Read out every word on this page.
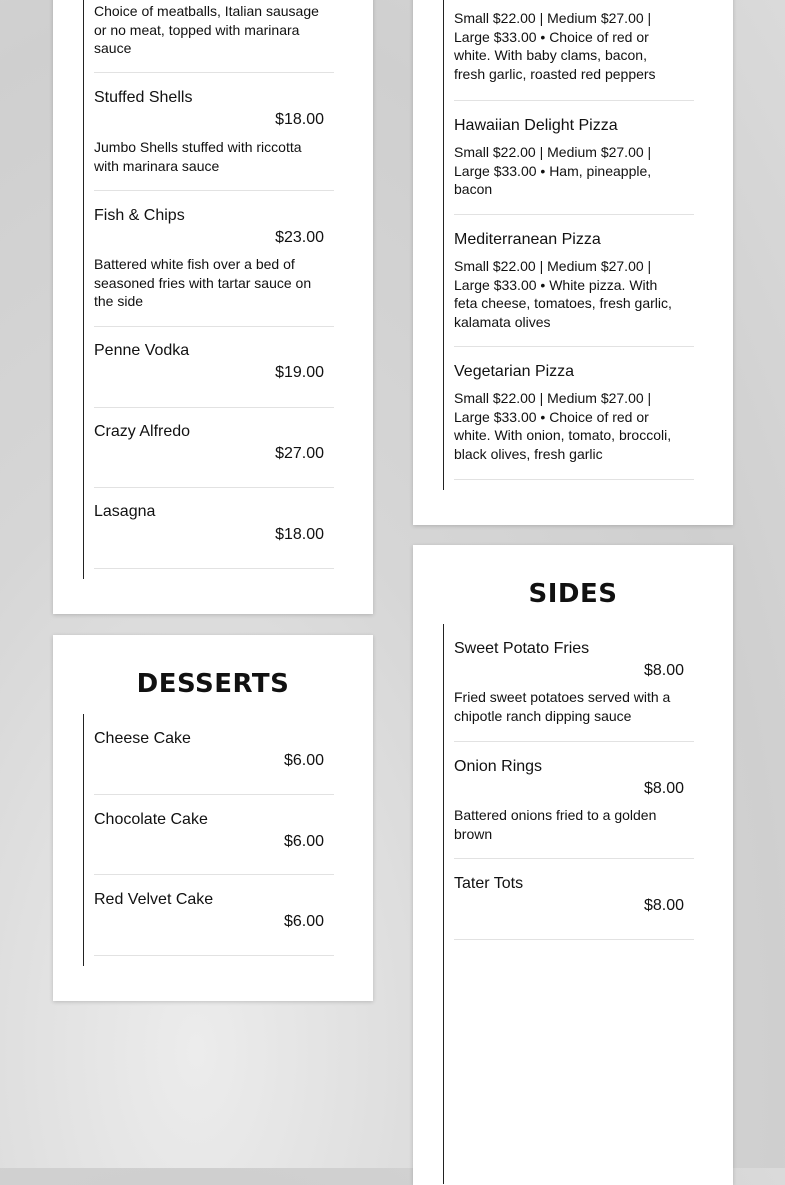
Choice of meatballs, Italian sausage or no meat, topped with marinara sauce
Stuffed Shells
$18.00
Jumbo Shells stuffed with riccotta with marinara sauce
Fish & Chips
$23.00
Battered white fish over a bed of seasoned fries with tartar sauce on the side
Penne Vodka
$19.00
Crazy Alfredo
$27.00
Lasagna
$18.00
DESSERTS
Cheese Cake
$6.00
Chocolate Cake
$6.00
Red Velvet Cake
$6.00
Small $22.00 | Medium $27.00 | Large $33.00 • Choice of red or white. With baby clams, bacon, fresh garlic, roasted red peppers
Hawaiian Delight Pizza
Small $22.00 | Medium $27.00 | Large $33.00 • Ham, pineapple, bacon
Mediterranean Pizza
Small $22.00 | Medium $27.00 | Large $33.00 • White pizza. With feta cheese, tomatoes, fresh garlic, kalamata olives
Vegetarian Pizza
Small $22.00 | Medium $27.00 | Large $33.00 • Choice of red or white. With onion, tomato, broccoli, black olives, fresh garlic
SIDES
Sweet Potato Fries
$8.00
Fried sweet potatoes served with a chipotle ranch dipping sauce
Onion Rings
$8.00
Battered onions fried to a golden brown
Tater Tots
$8.00
